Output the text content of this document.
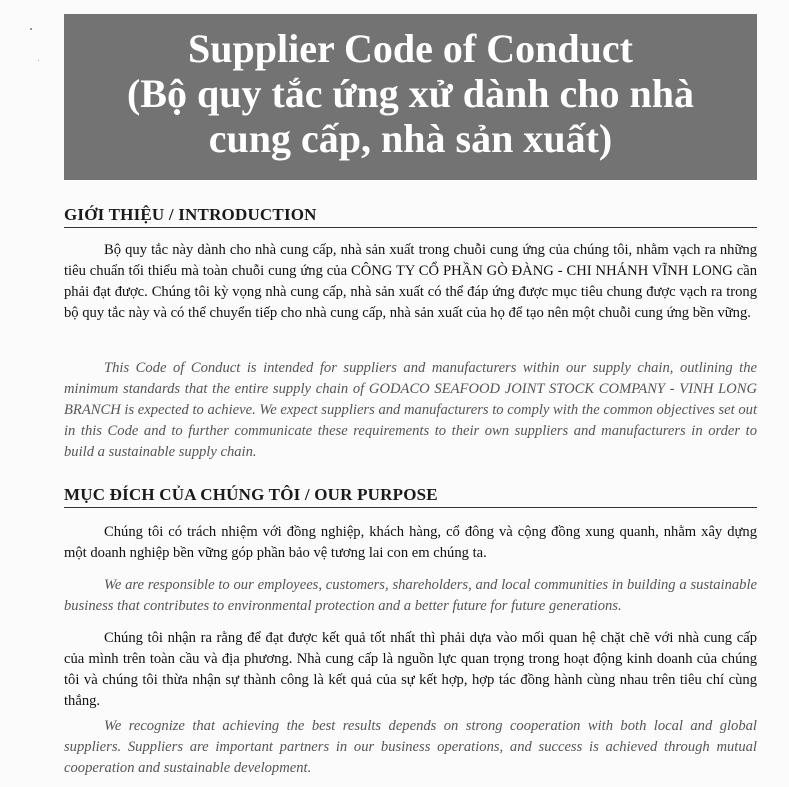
Supplier Code of Conduct
(Bộ quy tắc ứng xử dành cho nhà
cung cấp, nhà sản xuất)
GIỚI THIỆU / INTRODUCTION
Bộ quy tắc này dành cho nhà cung cấp, nhà sản xuất trong chuỗi cung ứng của chúng tôi, nhằm vạch ra những tiêu chuẩn tối thiểu mà toàn chuỗi cung ứng của CÔNG TY CỔ PHẦN GÒ ĐÀNG - CHI NHÁNH VĨNH LONG cần phải đạt được. Chúng tôi kỳ vọng nhà cung cấp, nhà sản xuất có thể đáp ứng được mục tiêu chung được vạch ra trong bộ quy tắc này và có thể chuyển tiếp cho nhà cung cấp, nhà sản xuất của họ để tạo nên một chuỗi cung ứng bền vững.
This Code of Conduct is intended for suppliers and manufacturers within our supply chain, outlining the minimum standards that the entire supply chain of GODACO SEAFOOD JOINT STOCK COMPANY - VINH LONG BRANCH is expected to achieve. We expect suppliers and manufacturers to comply with the common objectives set out in this Code and to further communicate these requirements to their own suppliers and manufacturers in order to build a sustainable supply chain.
MỤC ĐÍCH CỦA CHÚNG TÔI / OUR PURPOSE
Chúng tôi có trách nhiệm với đồng nghiệp, khách hàng, cổ đông và cộng đồng xung quanh, nhằm xây dựng một doanh nghiệp bền vững góp phần bảo vệ tương lai con em chúng ta.
We are responsible to our employees, customers, shareholders, and local communities in building a sustainable business that contributes to environmental protection and a better future for future generations.
Chúng tôi nhận ra rằng để đạt được kết quả tốt nhất thì phải dựa vào mối quan hệ chặt chẽ với nhà cung cấp của mình trên toàn cầu và địa phương. Nhà cung cấp là nguồn lực quan trọng trong hoạt động kinh doanh của chúng tôi và chúng tôi thừa nhận sự thành công là kết quả của sự kết hợp, hợp tác đồng hành cùng nhau trên tiêu chí cùng thắng.
We recognize that achieving the best results depends on strong cooperation with both local and global suppliers. Suppliers are important partners in our business operations, and success is achieved through mutual cooperation and sustainable development.
